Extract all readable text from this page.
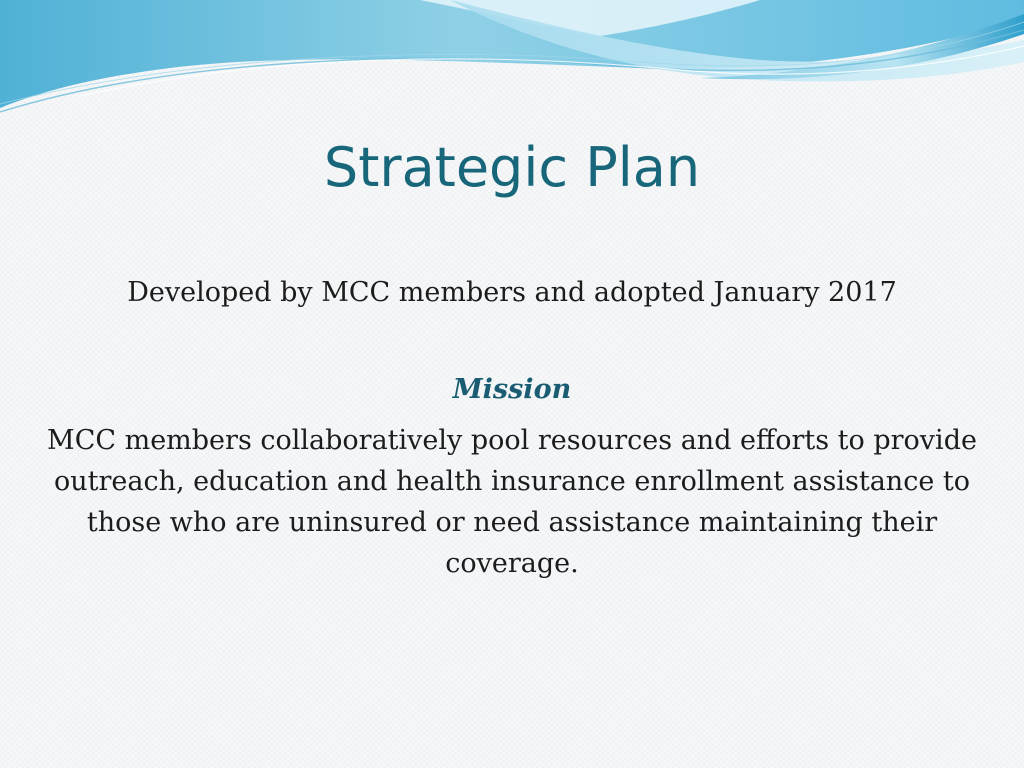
Strategic Plan
Developed by MCC members and adopted January 2017
Mission
MCC members collaboratively pool resources and efforts to provide outreach, education and health insurance enrollment assistance to those who are uninsured or need assistance maintaining their coverage.
